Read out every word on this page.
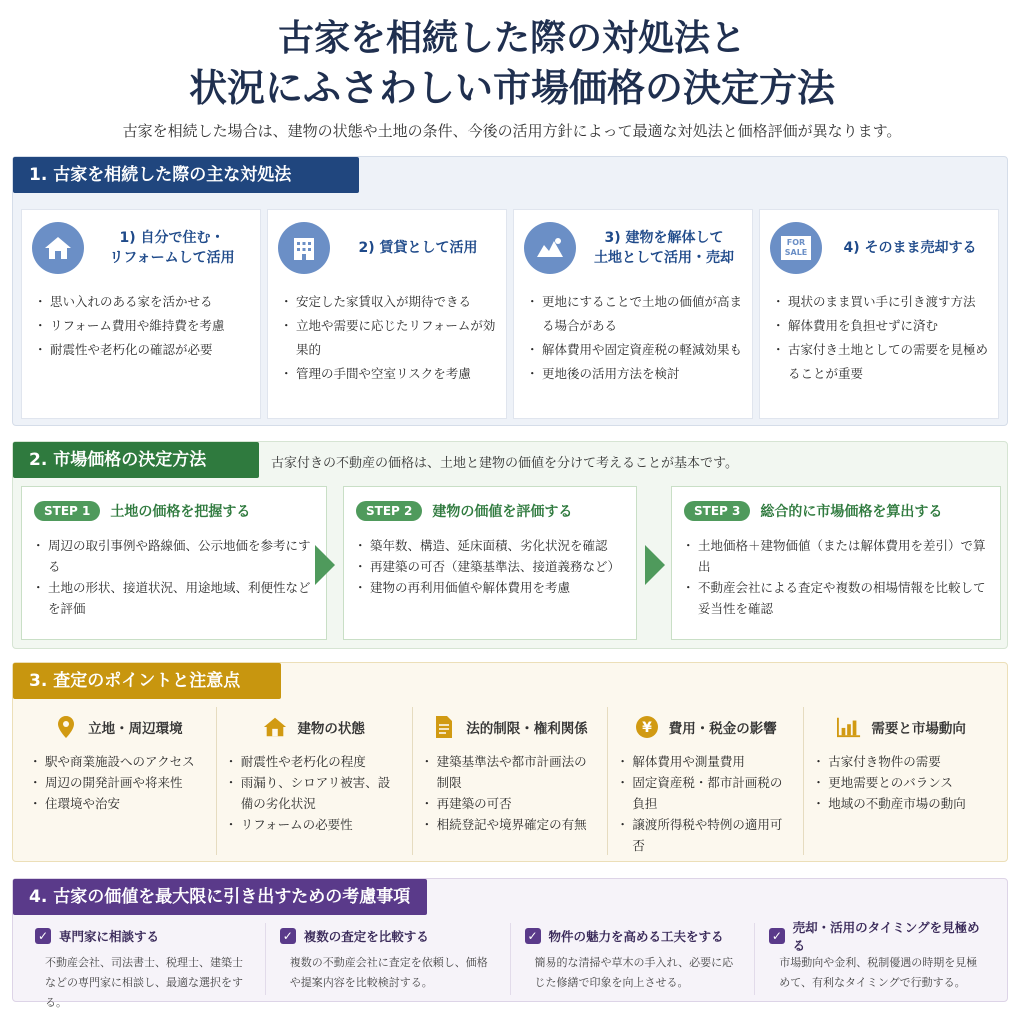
古家を相続した際の対処法と
状況にふさわしい市場価格の決定方法
古家を相続した場合は、建物の状態や土地の条件、今後の活用方針によって最適な対処法と価格評価が異なります。
1. 古家を相続した際の主な対処法
1) 自分で住む・
リフォームして活用
・ 思い入れのある家を活かせる
・ リフォーム費用や維持費を考慮
・ 耐震性や老朽化の確認が必要
2) 賃貸として活用
・ 安定した家賃収入が期待できる
・ 立地や需要に応じたリフォームが効果的
・ 管理の手間や空室リスクを考慮
3) 建物を解体して
土地として活用・売却
・ 更地にすることで土地の価値が高まる場合がある
・ 解体費用や固定資産税の軽減効果も
・ 更地後の活用方法を検討
FOR SALE	4) そのまま売却する
・ 現状のまま買い手に引き渡す方法
・ 解体費用を負担せずに済む
・ 古家付き土地としての需要を見極めることが重要
2. 市場価格の決定方法	古家付きの不動産の価格は、土地と建物の価値を分けて考えることが基本です。
STEP 1	土地の価格を把握する
・ 周辺の取引事例や路線価、公示地価を参考にする
・ 土地の形状、接道状況、用途地域、利便性などを評価
STEP 2	建物の価値を評価する
・ 築年数、構造、延床面積、劣化状況を確認
・ 再建築の可否（建築基準法、接道義務など）
・ 建物の再利用価値や解体費用を考慮
STEP 3	総合的に市場価格を算出する
・ 土地価格＋建物価値（または解体費用を差引）で算出
・ 不動産会社による査定や複数の相場情報を比較して妥当性を確認
3. 査定のポイントと注意点
立地・周辺環境
・ 駅や商業施設へのアクセス
・ 周辺の開発計画や将来性
・ 住環境や治安
建物の状態
・ 耐震性や老朽化の程度
・ 雨漏り、シロアリ被害、設備の劣化状況
・ リフォームの必要性
法的制限・権利関係
・ 建築基準法や都市計画法の制限
・ 再建築の可否
・ 相続登記や境界確定の有無
¥ 費用・税金の影響
・ 解体費用や測量費用
・ 固定資産税・都市計画税の負担
・ 譲渡所得税や特例の適用可否
需要と市場動向
・ 古家付き物件の需要
・ 更地需要とのバランス
・ 地域の不動産市場の動向
4. 古家の価値を最大限に引き出すための考慮事項
✓ 専門家に相談する
不動産会社、司法書士、税理士、建築士などの専門家に相談し、最適な選択をする。
✓ 複数の査定を比較する
複数の不動産会社に査定を依頼し、価格や提案内容を比較検討する。
✓ 物件の魅力を高める工夫をする
簡易的な清掃や草木の手入れ、必要に応じた修繕で印象を向上させる。
✓
売却・活用のタイミングを見極める
市場動向や金利、税制優遇の時期を見極めて、有利なタイミングで行動する。
